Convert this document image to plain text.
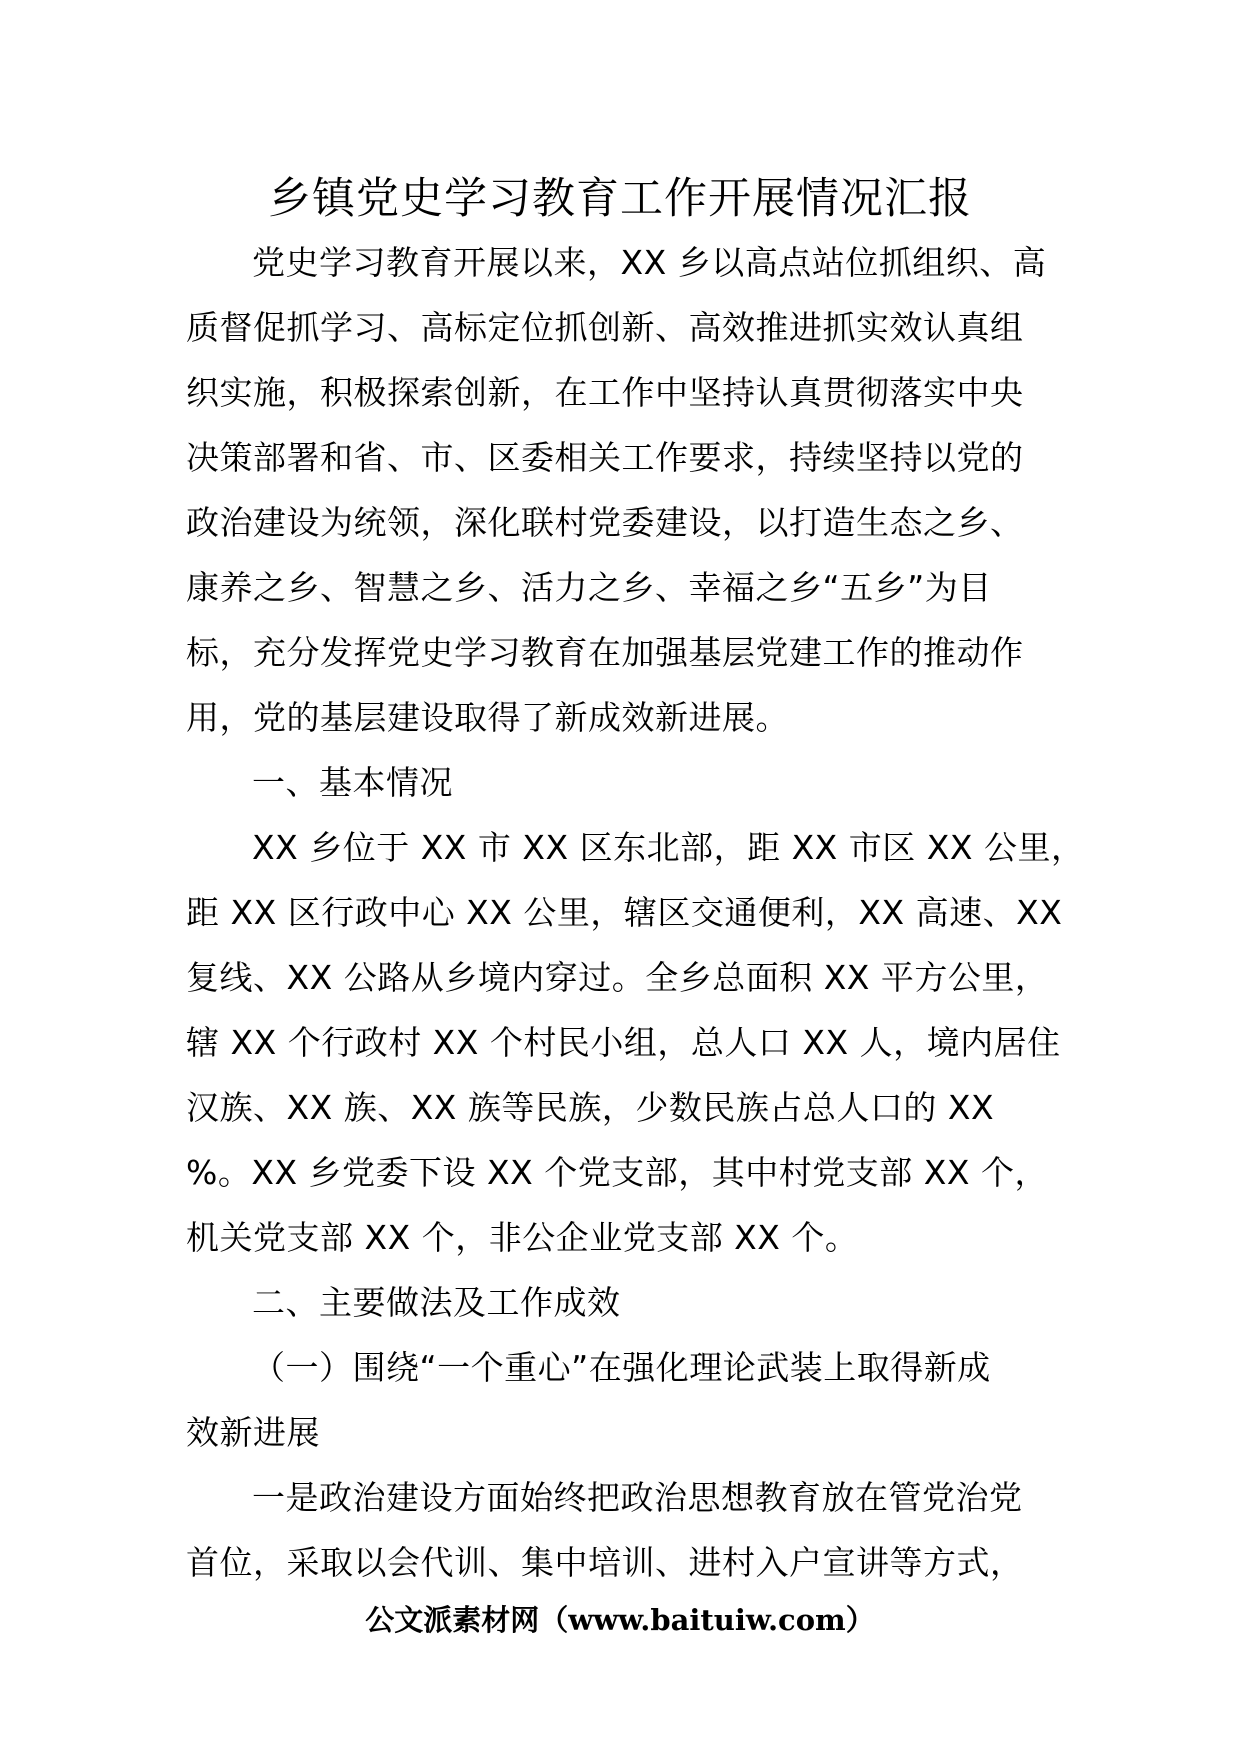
乡镇党史学习教育工作开展情况汇报
党史学习教育开展以来，XX 乡以高点站位抓组织、高
质督促抓学习、高标定位抓创新、高效推进抓实效认真组
织实施，积极探索创新，在工作中坚持认真贯彻落实中央
决策部署和省、市、区委相关工作要求，持续坚持以党的
政治建设为统领，深化联村党委建设，以打造生态之乡、
康养之乡、智慧之乡、活力之乡、幸福之乡“五乡”为目
标，充分发挥党史学习教育在加强基层党建工作的推动作
用，党的基层建设取得了新成效新进展。
一、基本情况
XX 乡位于 XX 市 XX 区东北部，距 XX 市区 XX 公里，
距 XX 区行政中心 XX 公里，辖区交通便利，XX 高速、XX
复线、XX 公路从乡境内穿过。全乡总面积 XX 平方公里，
辖 XX 个行政村 XX 个村民小组，总人口 XX 人，境内居住
汉族、XX 族、XX 族等民族，少数民族占总人口的 XX
%。XX 乡党委下设 XX 个党支部，其中村党支部 XX 个，
机关党支部 XX 个，非公企业党支部 XX 个。
二、主要做法及工作成效
（一）围绕“一个重心”在强化理论武装上取得新成
效新进展
一是政治建设方面始终把政治思想教育放在管党治党
首位，采取以会代训、集中培训、进村入户宣讲等方式，
公文派素材网（www.baituiw.com）
